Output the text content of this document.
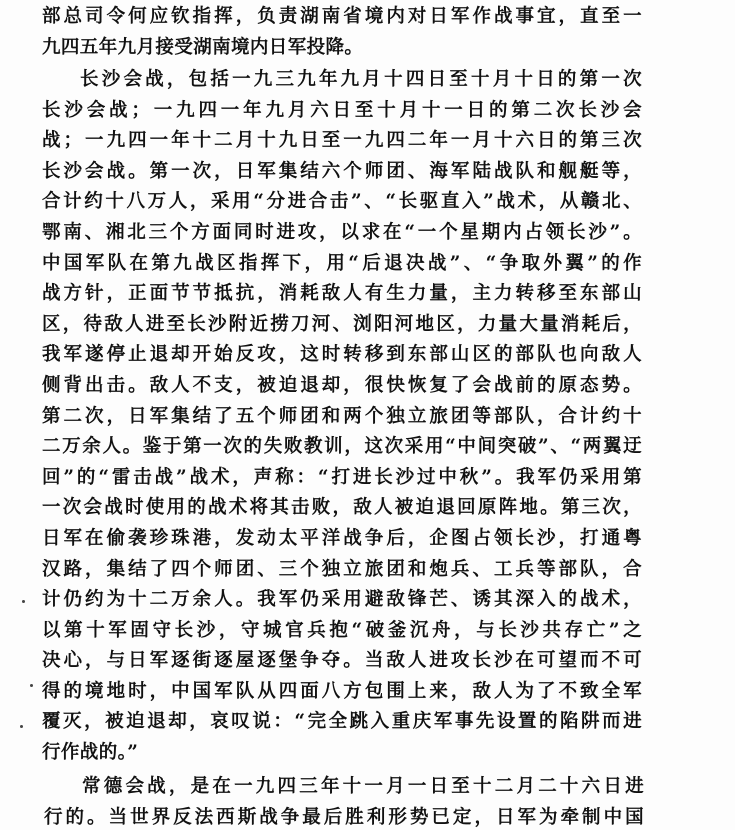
部总司令何应钦指挥，负责湖南省境内对日军作战事宜，直至一
九四五年九月接受湖南境内日军投降。
长沙会战，包括一九三九年九月十四日至十月十日的第一次
长沙会战；一九四一年九月六日至十月十一日的第二次长沙会
战；一九四一年十二月十九日至一九四二年一月十六日的第三次
长沙会战。第一次，日军集结六个师团、海军陆战队和舰艇等，
合计约十八万人，采用“分进合击”、“长驱直入”战术，从赣北、
鄂南、湘北三个方面同时进攻，以求在“一个星期内占领长沙”。
中国军队在第九战区指挥下，用“后退决战”、“争取外翼”的作
战方针，正面节节抵抗，消耗敌人有生力量，主力转移至东部山
区，待敌人进至长沙附近捞刀河、浏阳河地区，力量大量消耗后，
我军遂停止退却开始反攻，这时转移到东部山区的部队也向敌人
侧背出击。敌人不支，被迫退却，很快恢复了会战前的原态势。
第二次，日军集结了五个师团和两个独立旅团等部队，合计约十
二万余人。鉴于第一次的失败教训，这次采用“中间突破”、“两翼迂
回”的“雷击战”战术，声称：“打进长沙过中秋”。我军仍采用第
一次会战时使用的战术将其击败，敌人被迫退回原阵地。第三次，
日军在偷袭珍珠港，发动太平洋战争后，企图占领长沙，打通粤
汉路，集结了四个师团、三个独立旅团和炮兵、工兵等部队，合
计仍约为十二万余人。我军仍采用避敌锋芒、诱其深入的战术，
以第十军固守长沙，守城官兵抱“破釜沉舟，与长沙共存亡”之
决心，与日军逐街逐屋逐堡争夺。当敌人进攻长沙在可望而不可
得的境地时，中国军队从四面八方包围上来，敌人为了不致全军
覆灭，被迫退却，哀叹说：“完全跳入重庆军事先设置的陷阱而进
行作战的。”
常德会战，是在一九四三年十一月一日至十二月二十六日进
行的。当世界反法西斯战争最后胜利形势已定，日军为牵制中国
